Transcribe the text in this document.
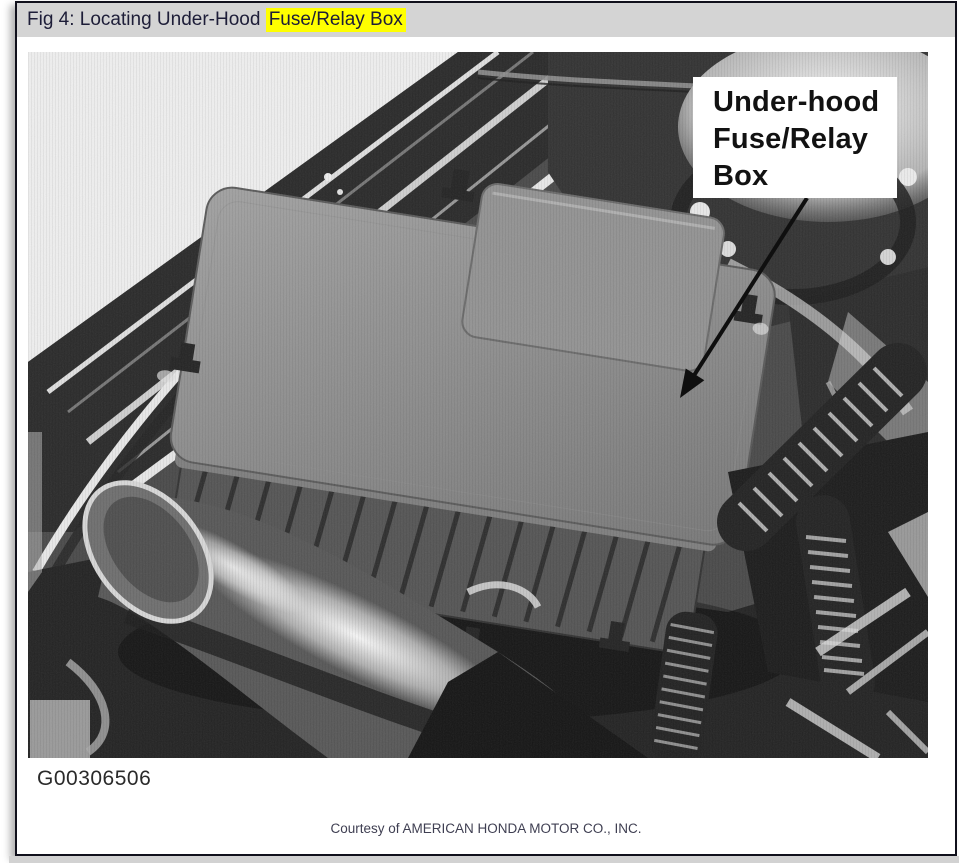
Fig 4: Locating Under-Hood Fuse/Relay Box
Under-hood
Fuse/Relay
Box
G00306506
Courtesy of AMERICAN HONDA MOTOR CO., INC.
